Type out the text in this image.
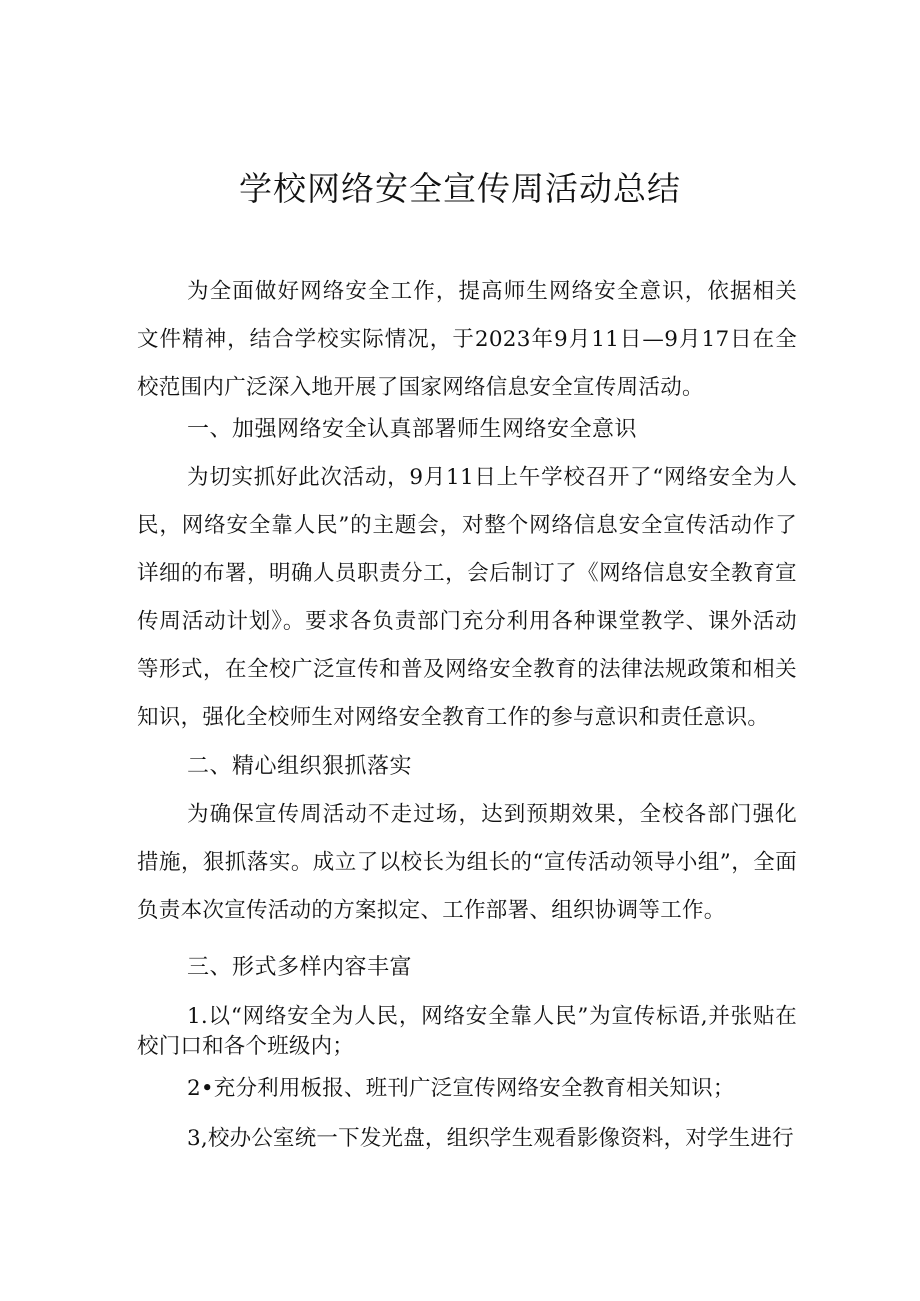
学校网络安全宣传周活动总结

为全面做好网络安全工作，提高师生网络安全意识，依据相关文件精神，结合学校实际情况，于2023年9月11日—9月17日在全校范围内广泛深入地开展了国家网络信息安全宣传周活动。

一、加强网络安全认真部署师生网络安全意识

为切实抓好此次活动，9月11日上午学校召开了“网络安全为人民，网络安全靠人民”的主题会，对整个网络信息安全宣传活动作了详细的布署，明确人员职责分工，会后制订了《网络信息安全教育宣传周活动计划》。要求各负责部门充分利用各种课堂教学、课外活动等形式，在全校广泛宣传和普及网络安全教育的法律法规政策和相关知识，强化全校师生对网络安全教育工作的参与意识和责任意识。

二、精心组织狠抓落实

为确保宣传周活动不走过场，达到预期效果，全校各部门强化措施，狠抓落实。成立了以校长为组长的“宣传活动领导小组”，全面负责本次宣传活动的方案拟定、工作部署、组织协调等工作。

三、形式多样内容丰富

1.以“网络安全为人民，网络安全靠人民”为宣传标语,并张贴在校门口和各个班级内；

2•充分利用板报、班刊广泛宣传网络安全教育相关知识；

3,校办公室统一下发光盘，组织学生观看影像资料，对学生进行
